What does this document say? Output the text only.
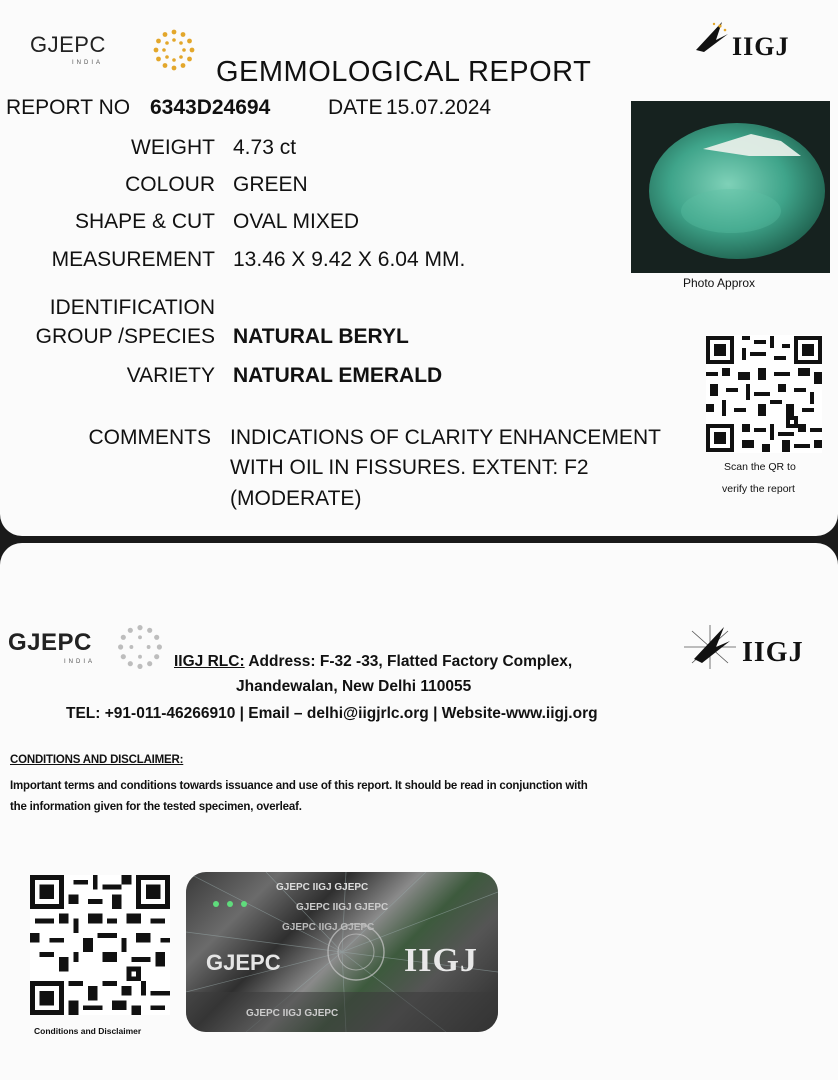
GJEPC
INDIA
IIGJ
GEMMOLOGICAL REPORT
REPORT NO 6343D24694	DATE 15.07.2024
WEIGHT 4.73 ct
COLOUR GREEN
SHAPE & CUT OVAL MIXED
MEASUREMENT 13.46 X 9.42 X 6.04 MM.
IDENTIFICATION
GROUP /SPECIES NATURAL BERYL
VARIETY NATURAL EMERALD
COMMENTS INDICATIONS OF CLARITY ENHANCEMENT
WITH OIL IN FISSURES. EXTENT: F2
(MODERATE)
Photo Approx
Scan the QR to
verify the report
GJEPC
INDIA	IIGJ
IIGJ RLC: Address: F-32 -33, Flatted Factory Complex,
Jhandewalan, New Delhi 110055
TEL: +91-011-46266910 | Email – delhi@iigjrlc.org | Website-www.iigj.org
CONDITIONS AND DISCLAIMER:
Important terms and conditions towards issuance and use of this report. It should be read in conjunction with
the information given for the tested specimen, overleaf.
Conditions and Disclaimer
GJEPC IIGJ GJEPC
GJEPC IIGJ GJEPC
GJEPC IIGJ GJEPC
GJEPC	IIGJ
GJEPC IIGJ GJEPC
